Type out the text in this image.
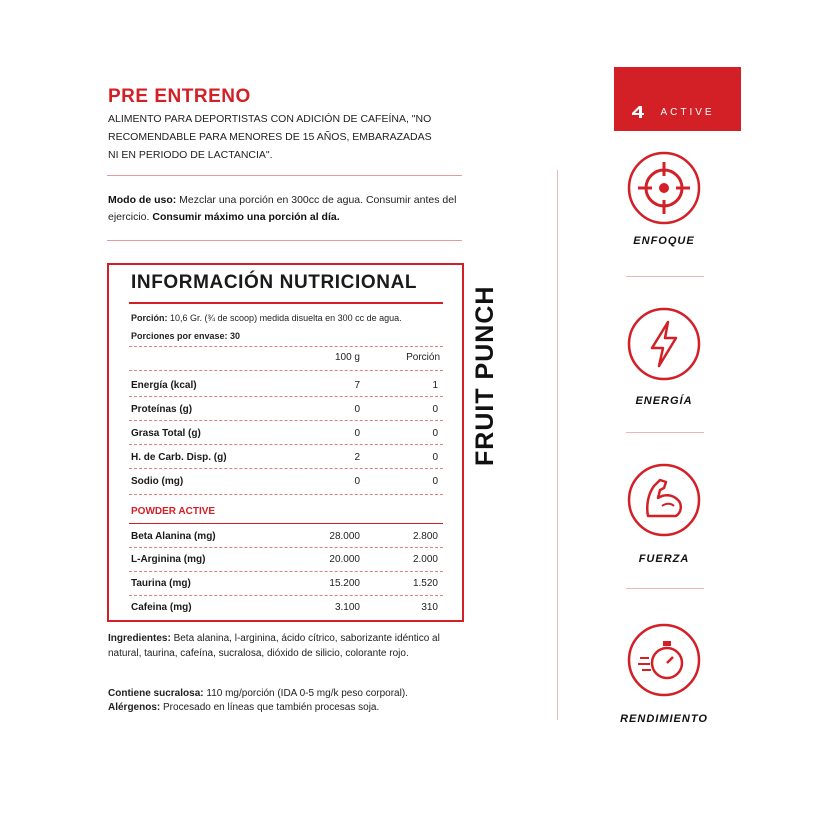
PRE ENTRENO
ALIMENTO PARA DEPORTISTAS CON ADICIÓN DE CAFEÍNA, "NO
RECOMENDABLE PARA MENORES DE 15 AÑOS, EMBARAZADAS
NI EN PERIODO DE LACTANCIA".
Modo de uso: Mezclar una porción en 300cc de agua. Consumir antes del ejercicio. Consumir máximo una porción al día.
INFORMACIÓN NUTRICIONAL
Porción: 10,6 Gr. (¾ de scoop) medida disuelta en 300 cc de agua.
Porciones por envase: 30
100 g	Porción
Energía (kcal)	7	1
Proteínas (g)	0	0
Grasa Total (g)	0	0
H. de Carb. Disp. (g)	2	0
Sodio (mg)	0	0
POWDER ACTIVE
Beta Alanina (mg)	28.000	2.800
L-Arginina (mg)	20.000	2.000
Taurina (mg)	15.200	1.520
Cafeina (mg)	3.100	310
FRUIT PUNCH
Ingredientes: Beta alanina, l-arginina, ácido cítrico, saborizante idéntico al natural, taurina, cafeína, sucralosa, dióxido de silicio, colorante rojo.
Contiene sucralosa: 110 mg/porción (IDA 0-5 mg/k peso corporal).
Alérgenos: Procesado en líneas que también procesas soja.
ACTIVE
ENFOQUE
ENERGÍA
FUERZA
RENDIMIENTO
